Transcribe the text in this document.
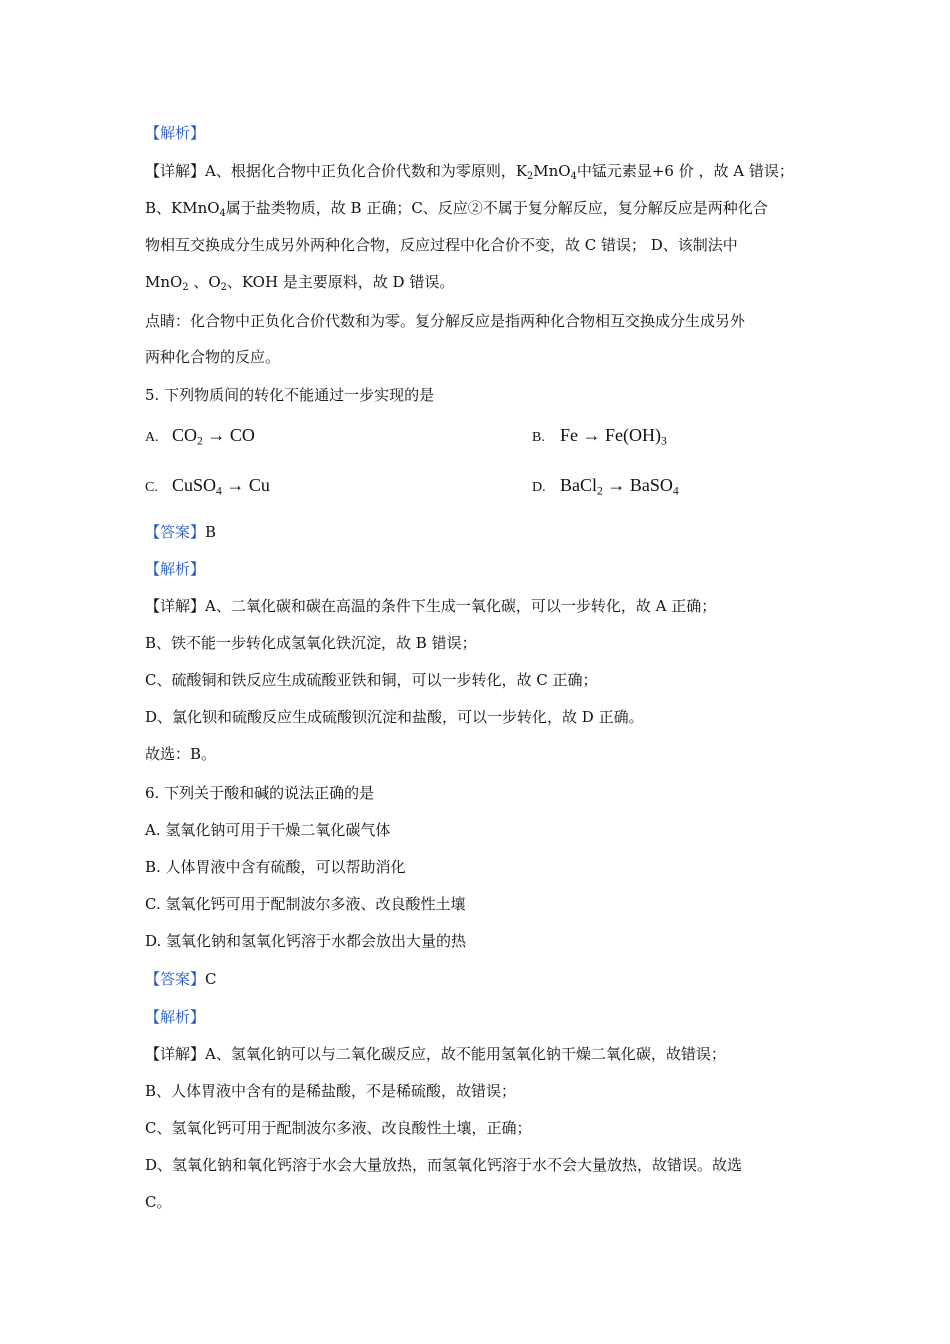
【解析】
【详解】A、根据化合物中正负化合价代数和为零原则，$K_2MnO_4$中锰元素显+6 价 ，故 A 错误；
B、KMnO$_4$属于盐类物质，故 B 正确；C、反应②不属于复分解反应，复分解反应是两种化合
物相互交换成分生成另外两种化合物，反应过程中化合价不变，故 C 错误； D、该制法中
MnO$_2$ 、$O_2$、KOH 是主要原料，故 D 错误。
点睛：化合物中正负化合价代数和为零。复分解反应是指两种化合物相互交换成分生成另外
两种化合物的反应。
5. 下列物质间的转化不能通过一步实现的是
A. $CO_2$ → CO	B. $Fe \to Fe(OH)_3$
C. CuSO$_4$ → Cu	D. BaCl$_2$ → BaSO$_4$
【答案】B
【解析】
【详解】A、二氧化碳和碳在高温的条件下生成一氧化碳，可以一步转化，故 A 正确；
B、铁不能一步转化成氢氧化铁沉淀，故 B 错误；
C、硫酸铜和铁反应生成硫酸亚铁和铜，可以一步转化，故 C 正确；
D、氯化钡和硫酸反应生成硫酸钡沉淀和盐酸，可以一步转化，故 D 正确。
故选：B。
6. 下列关于酸和碱的说法正确的是
A. 氢氧化钠可用于干燥二氧化碳气体
B. 人体胃液中含有硫酸，可以帮助消化
C. 氢氧化钙可用于配制波尔多液、改良酸性土壤
D. 氢氧化钠和氢氧化钙溶于水都会放出大量的热
【答案】C
【解析】
【详解】A、氢氧化钠可以与二氧化碳反应，故不能用氢氧化钠干燥二氧化碳，故错误；
B、人体胃液中含有的是稀盐酸，不是稀硫酸，故错误；
C、氢氧化钙可用于配制波尔多液、改良酸性土壤，正确；
D、氢氧化钠和氧化钙溶于水会大量放热，而氢氧化钙溶于水不会大量放热，故错误。故选
C。
